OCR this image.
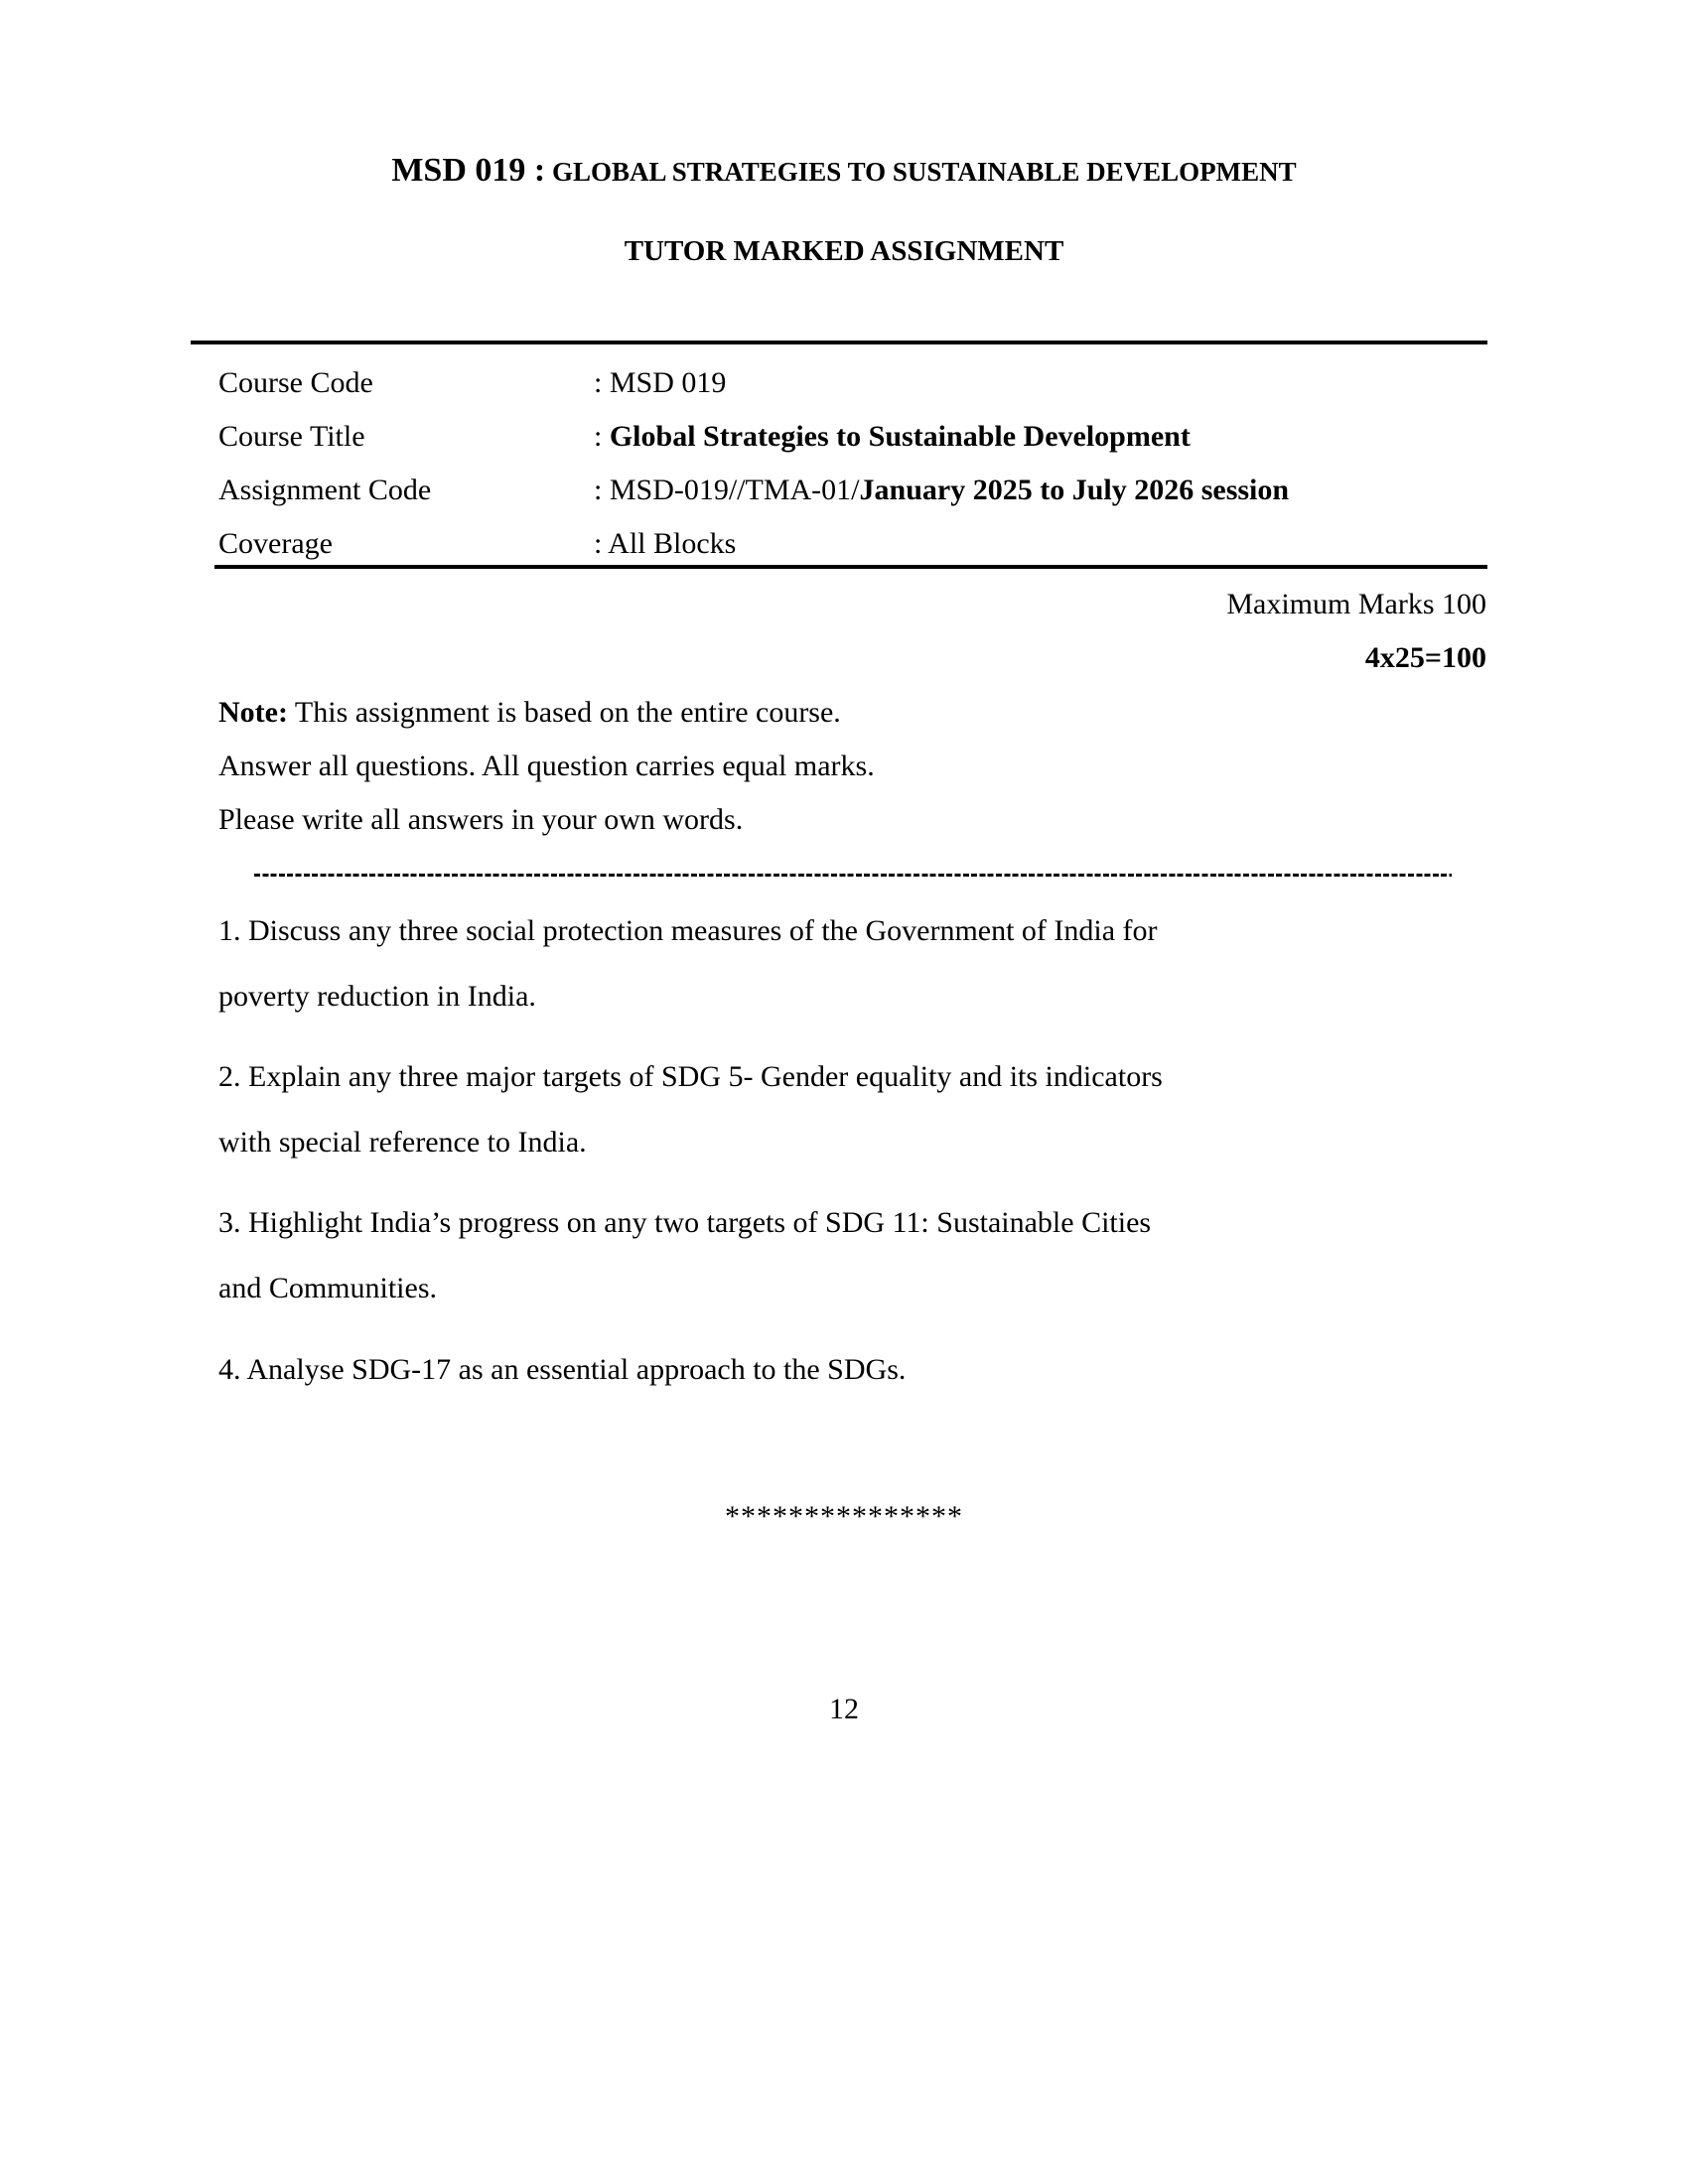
MSD 019 : GLOBAL STRATEGIES TO SUSTAINABLE DEVELOPMENT
TUTOR MARKED ASSIGNMENT
Course Code	: MSD 019
Course Title	: Global Strategies to Sustainable Development
Assignment Code	: MSD-019//TMA-01/January 2025 to July 2026 session
Coverage	: All Blocks
Maximum Marks 100
4x25=100
Note: This assignment is based on the entire course.
Answer all questions. All question carries equal marks.
Please write all answers in your own words.
1. Discuss any three social protection measures of the Government of India for
poverty reduction in India.
2. Explain any three major targets of SDG 5- Gender equality and its indicators
with special reference to India.
3. Highlight India’s progress on any two targets of SDG 11: Sustainable Cities
and Communities.
4. Analyse SDG-17 as an essential approach to the SDGs.
***************
12
